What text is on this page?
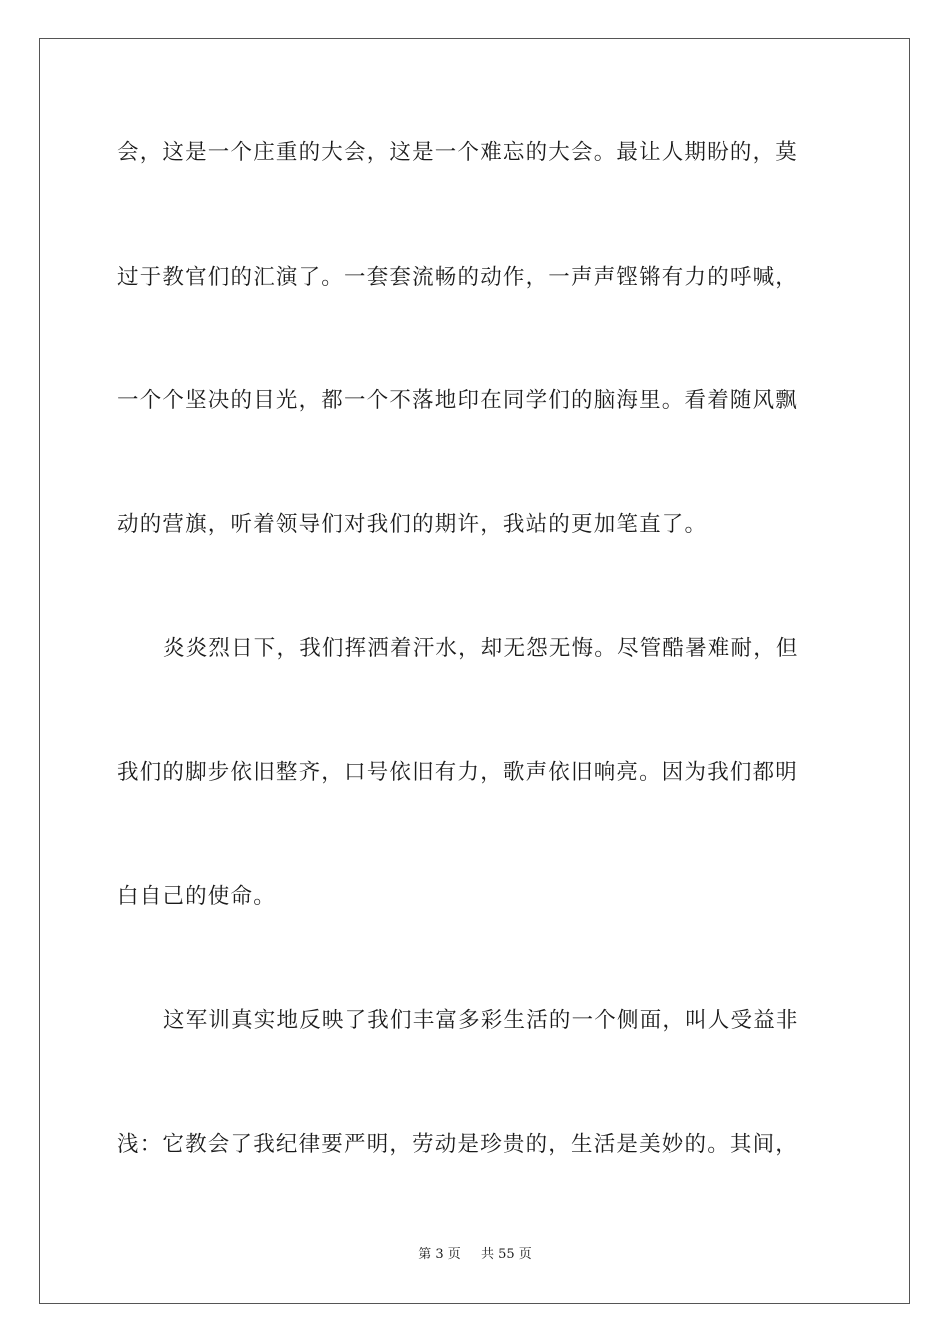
会，这是一个庄重的大会，这是一个难忘的大会。最让人期盼的，莫
过于教官们的汇演了。一套套流畅的动作，一声声铿锵有力的呼喊，
一个个坚决的目光，都一个不落地印在同学们的脑海里。看着随风飘
动的营旗，听着领导们对我们的期许，我站的更加笔直了。
炎炎烈日下，我们挥洒着汗水，却无怨无悔。尽管酷暑难耐，但
我们的脚步依旧整齐，口号依旧有力，歌声依旧响亮。因为我们都明
白自己的使命。
这军训真实地反映了我们丰富多彩生活的一个侧面，叫人受益非
浅：它教会了我纪律要严明，劳动是珍贵的，生活是美妙的。其间，
第 3 页 共 55 页
